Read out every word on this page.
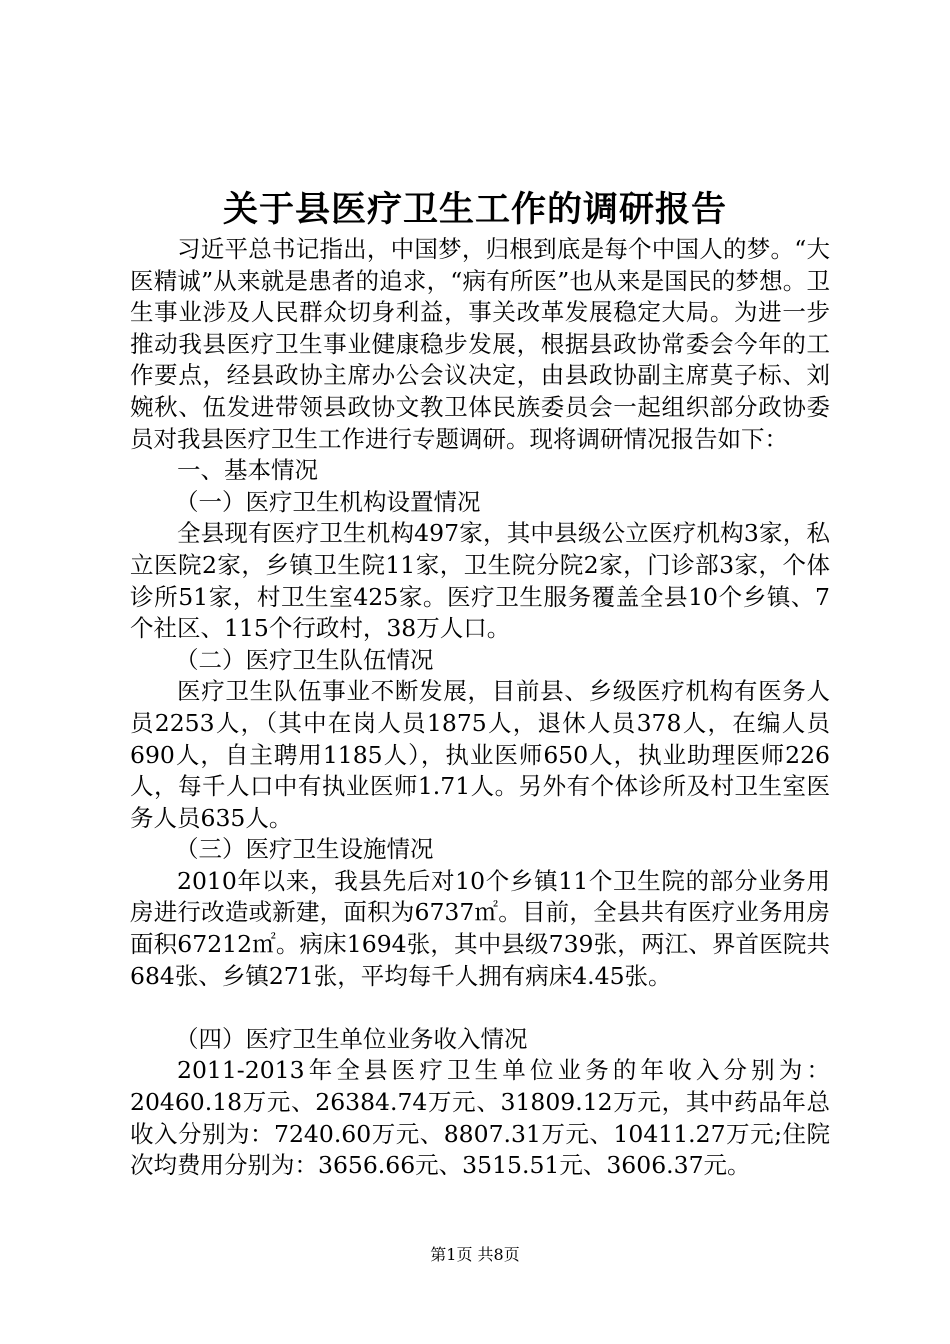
关于县医疗卫生工作的调研报告

习近平总书记指出，中国梦，归根到底是每个中国人的梦。“大医精诚”从来就是患者的追求，“病有所医”也从来是国民的梦想。卫生事业涉及人民群众切身利益，事关改革发展稳定大局。为进一步推动我县医疗卫生事业健康稳步发展，根据县政协常委会今年的工作要点，经县政协主席办公会议决定，由县政协副主席莫子标、刘婉秋、伍发进带领县政协文教卫体民族委员会一起组织部分政协委员对我县医疗卫生工作进行专题调研。现将调研情况报告如下：

一、基本情况

（一）医疗卫生机构设置情况

全县现有医疗卫生机构497家，其中县级公立医疗机构3家，私立医院2家，乡镇卫生院11家，卫生院分院2家，门诊部3家，个体诊所51家，村卫生室425家。医疗卫生服务覆盖全县10个乡镇、7个社区、115个行政村，38万人口。

（二）医疗卫生队伍情况

医疗卫生队伍事业不断发展，目前县、乡级医疗机构有医务人员2253人，（其中在岗人员1875人，退休人员378人，在编人员690人，自主聘用1185人），执业医师650人，执业助理医师226人，每千人口中有执业医师1.71人。另外有个体诊所及村卫生室医务人员635人。

（三）医疗卫生设施情况

2010年以来，我县先后对10个乡镇11个卫生院的部分业务用房进行改造或新建，面积为6737㎡。目前，全县共有医疗业务用房面积67212㎡。病床1694张，其中县级739张，两江、界首医院共684张、乡镇271张，平均每千人拥有病床4.45张。

（四）医疗卫生单位业务收入情况

2011-2013年全县医疗卫生单位业务的年收入分别为：20460.18万元、26384.74万元、31809.12万元，其中药品年总收入分别为：7240.60万元、8807.31万元、10411.27万元;住院次均费用分别为：3656.66元、3515.51元、3606.37元。

第1页 共8页
